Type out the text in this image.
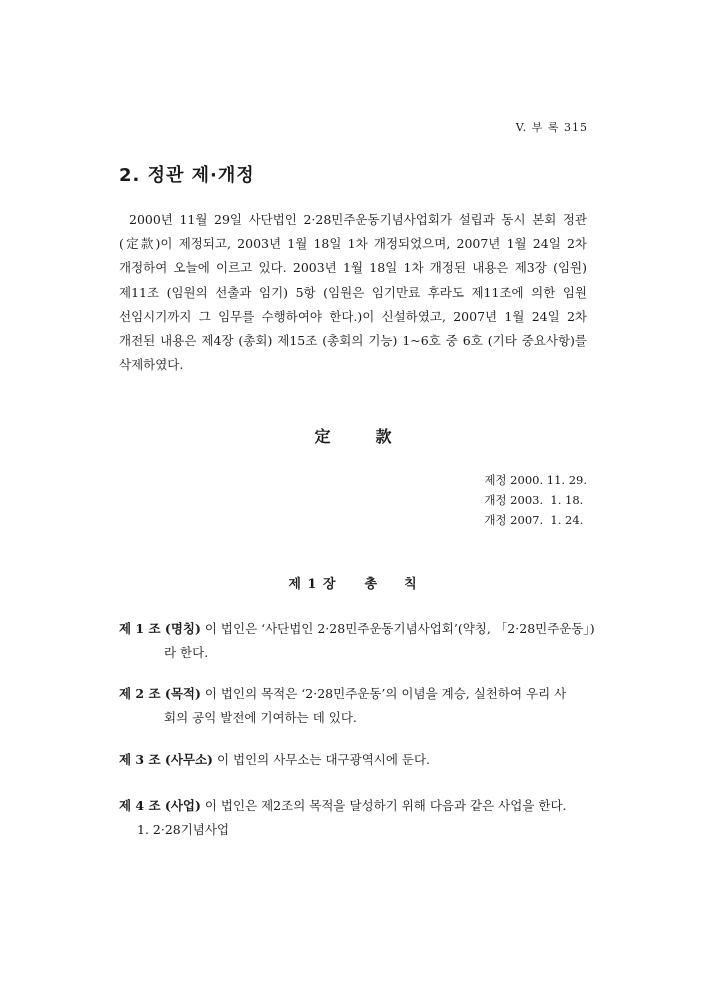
V. 부 록 315
2. 정관 제·개정

2000년 11월 29일 사단법인 2·28민주운동기념사업회가 설립과 동시 본회 정관(定款)이 제정되고, 2003년 1월 18일 1차 개정되었으며, 2007년 1월 24일 2차 개정하여 오늘에 이르고 있다. 2003년 1월 18일 1차 개정된 내용은 제3장 (임원) 제11조 (임원의 선출과 임기) 5항 (임원은 임기만료 후라도 제11조에 의한 임원 선임시기까지 그 임무를 수행하여야 한다.)이 신설하였고, 2007년 1월 24일 2차 개전된 내용은 제4장 (총회) 제15조 (총회의 기능) 1~6호 중 6호 (기타 중요사항)를 삭제하였다.

定	款
제정 2000. 11. 29.
개정 2003.  1. 18.
개정 2007.  1. 24.
제 1 장 총 칙
제 1 조 (명칭) 이 법인은 ‘사단법인 2·28민주운동기념사업회’(약칭, 「2·28민주운동」)
라 한다.
제 2 조 (목적) 이 법인의 목적은 ‘2·28민주운동’의 이념을 계승, 실천하여 우리 사
회의 공익 발전에 기여하는 데 있다.
제 3 조 (사무소) 이 법인의 사무소는 대구광역시에 둔다.
제 4 조 (사업) 이 법인은 제2조의 목적을 달성하기 위해 다음과 같은 사업을 한다.
1. 2·28기념사업
